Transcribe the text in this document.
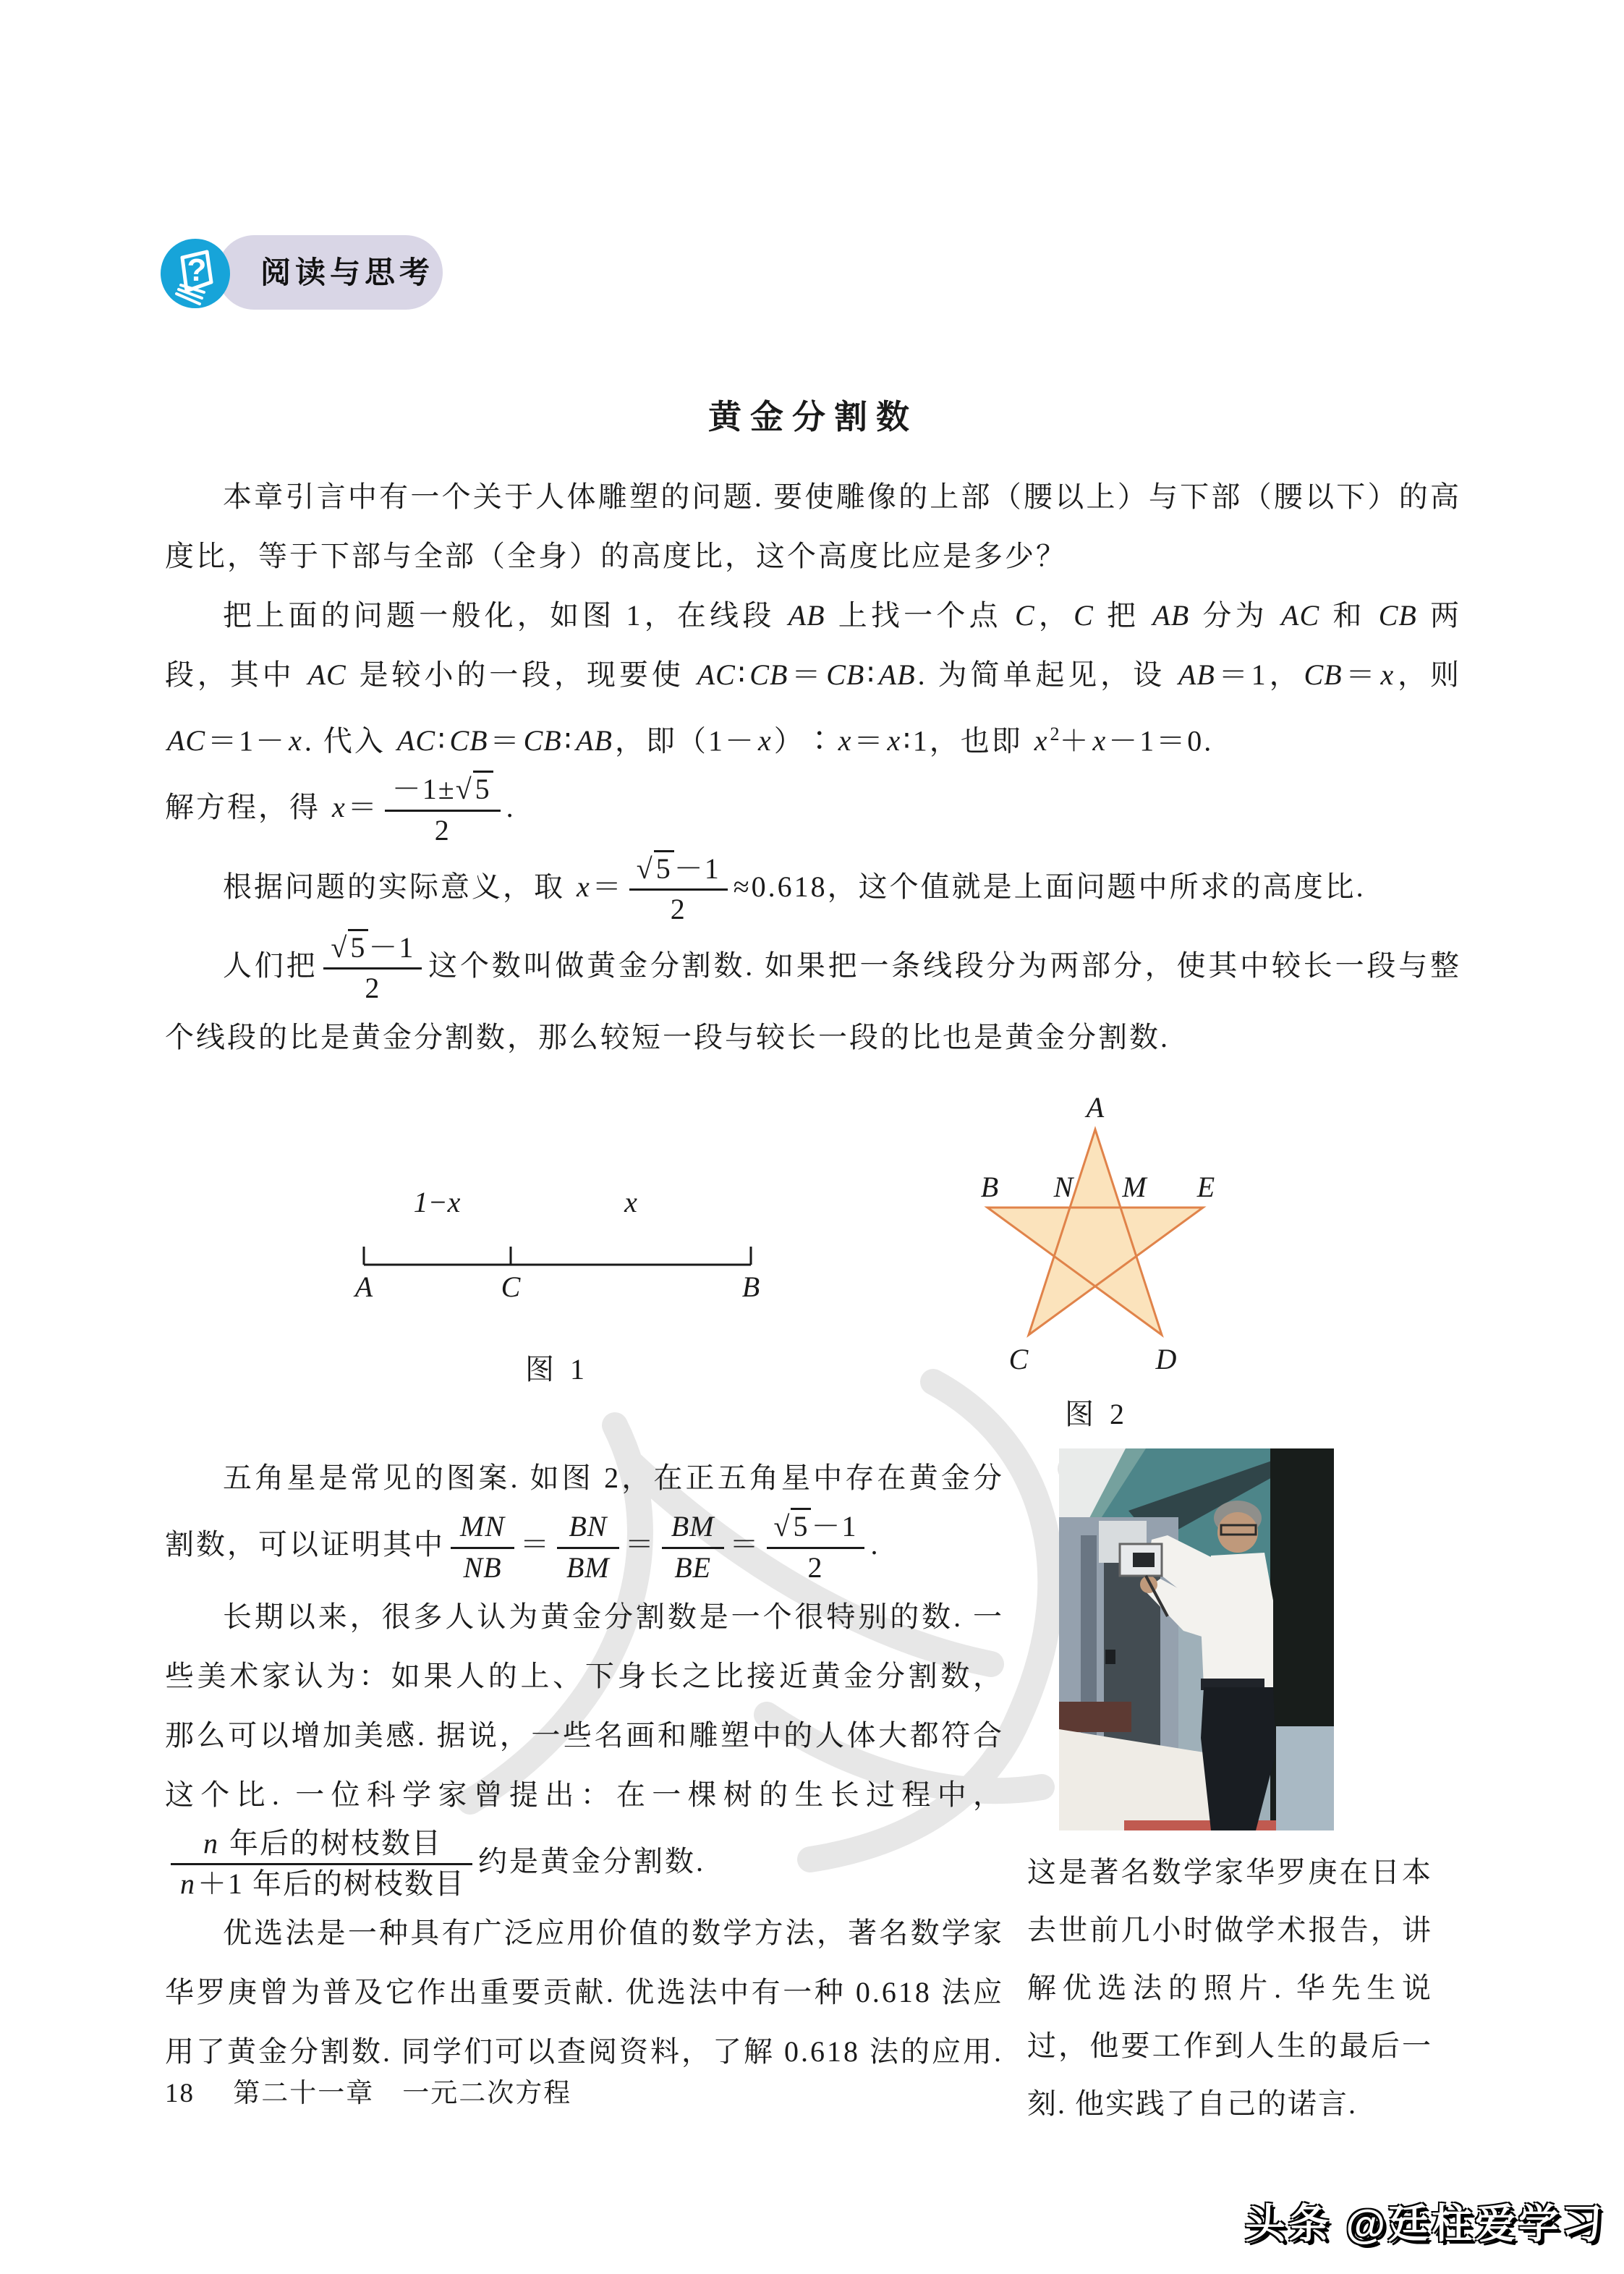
? 阅读与思考
黄金分割数
本章引言中有一个关于人体雕塑的问题. 要使雕像的上部（腰以上）与下部（腰以下）的高度比，等于下部与全部（全身）的高度比，这个高度比应是多少？
把上面的问题一般化，如图 1，在线段 AB 上找一个点 C，C 把 AB 分为 AC 和 CB 两段，其中 AC 是较小的一段，现要使 AC∶CB＝CB∶AB. 为简单起见，设 AB＝1，CB＝x，则 AC＝1－x. 代入 AC∶CB＝CB∶AB，即（1－x）∶x＝x∶1，也即 x $^2$＋x－1＝0.
解方程，得 $x= \frac{-1\pm√5}{2}$ .
根据问题的实际意义，取 $x= \frac{√5-1}{2} \approx 0.618$，这个值就是上面问题中所求的高度比.
人们把 $\frac{√5-1}{2}$ 这个数叫做黄金分割数. 如果把一条线段分为两部分，使其中较长一段与整个线段的比是黄金分割数，那么较短一段与较长一段的比也是黄金分割数.
1−x	x
A	C	B
图 1
A
B N M E
C	D
图 2
五角星是常见的图案. 如图 2，在正五角星中存在黄金分割数，可以证明其中 $\frac{MN}{NB} = \frac{BN}{BM} = \frac{BM}{BE} = \frac{√5-1}{2}$ .
长期以来，很多人认为黄金分割数是一个很特别的数. 一些美术家认为：如果人的上、下身长之比接近黄金分割数，那么可以增加美感. 据说，一些名画和雕塑中的人体大都符合这个比. 一位科学家曾提出：在一棵树的生长过程中，
$\frac{\text{n 年后的树枝数目}}{\text{n＋1 年后的树枝数目}}$ 约是黄金分割数.
优选法是一种具有广泛应用价值的数学方法，著名数学家华罗庚曾为普及它作出重要贡献. 优选法中有一种 0.618 法应用了黄金分割数. 同学们可以查阅资料，了解 0.618 法的应用.

这是著名数学家华罗庚在日本去世前几小时做学术报告，讲解优选法的照片. 华先生说过，他要工作到人生的最后一刻. 他实践了自己的诺言.

18 第二十一章　一元二次方程
头条 @廷柱爱学习
